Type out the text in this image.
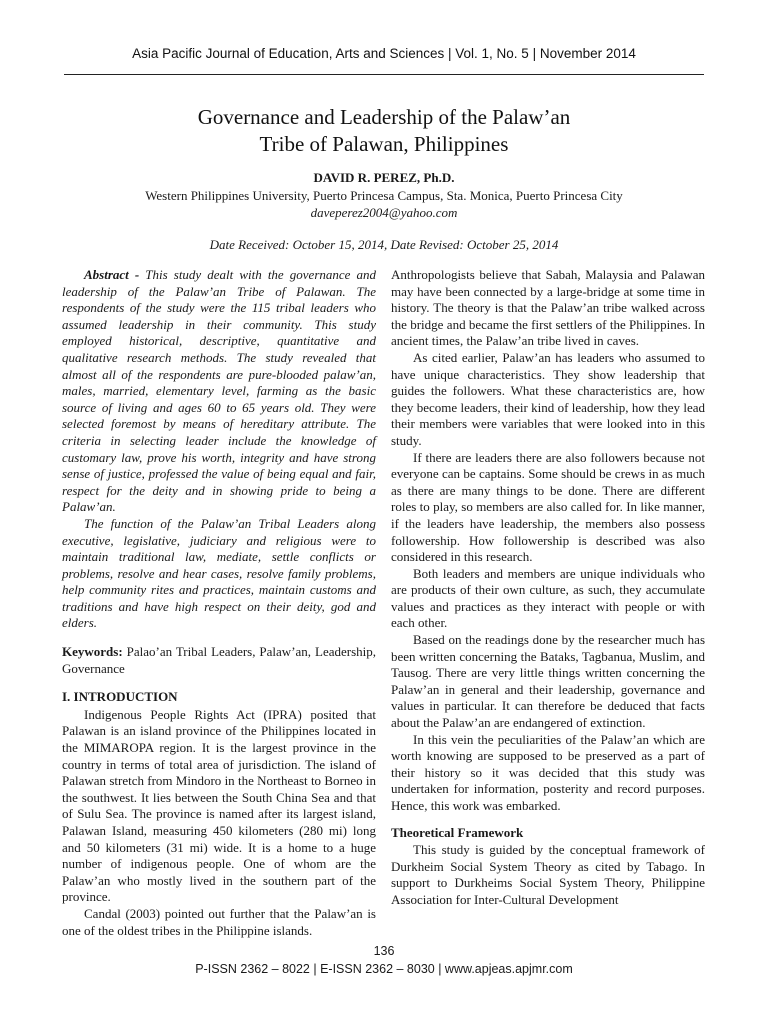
Asia Pacific Journal of Education, Arts and Sciences | Vol. 1, No. 5 | November 2014
Governance and Leadership of the Palaw’an
Tribe of Palawan, Philippines
DAVID R. PEREZ, Ph.D.
Western Philippines University, Puerto Princesa Campus, Sta. Monica, Puerto Princesa City
daveperez2004@yahoo.com
Date Received: October 15, 2014, Date Revised: October 25, 2014

Abstract - This study dealt with the governance and leadership of the Palaw’an Tribe of Palawan. The respondents of the study were the 115 tribal leaders who assumed leadership in their community. This study employed historical, descriptive, quantitative and qualitative research methods. The study revealed that almost all of the respondents are pure-blooded palaw’an, males, married, elementary level, farming as the basic source of living and ages 60 to 65 years old. They were selected foremost by means of hereditary attribute. The criteria in selecting leader include the knowledge of customary law, prove his worth, integrity and have strong sense of justice, professed the value of being equal and fair, respect for the deity and in showing pride to being a Palaw’an.

The function of the Palaw’an Tribal Leaders along executive, legislative, judiciary and religious were to maintain traditional law, mediate, settle conflicts or problems, resolve and hear cases, resolve family problems, help community rites and practices, maintain customs and traditions and have high respect on their deity, god and elders.

Keywords: Palao’an Tribal Leaders, Palaw’an, Leadership, Governance

I. INTRODUCTION

Indigenous People Rights Act (IPRA) posited that Palawan is an island province of the Philippines located in the MIMAROPA region. It is the largest province in the country in terms of total area of jurisdiction. The island of Palawan stretch from Mindoro in the Northeast to Borneo in the southwest. It lies between the South China Sea and that of Sulu Sea. The province is named after its largest island, Palawan Island, measuring 450 kilometers (280 mi) long and 50 kilometers (31 mi) wide. It is a home to a huge number of indigenous people. One of whom are the Palaw’an who mostly lived in the southern part of the province.

Candal (2003) pointed out further that the Palaw’an is one of the oldest tribes in the Philippine islands.

Anthropologists believe that Sabah, Malaysia and Palawan may have been connected by a large-bridge at some time in history. The theory is that the Palaw’an tribe walked across the bridge and became the first settlers of the Philippines. In ancient times, the Palaw’an tribe lived in caves.

As cited earlier, Palaw’an has leaders who assumed to have unique characteristics. They show leadership that guides the followers. What these characteristics are, how they become leaders, their kind of leadership, how they lead their members were variables that were looked into in this study.

If there are leaders there are also followers because not everyone can be captains. Some should be crews in as much as there are many things to be done. There are different roles to play, so members are also called for. In like manner, if the leaders have leadership, the members also possess followership. How followership is described was also considered in this research.

Both leaders and members are unique individuals who are products of their own culture, as such, they accumulate values and practices as they interact with people or with each other.

Based on the readings done by the researcher much has been written concerning the Bataks, Tagbanua, Muslim, and Tausog. There are very little things written concerning the Palaw’an in general and their leadership, governance and values in particular. It can therefore be deduced that facts about the Palaw’an are endangered of extinction.

In this vein the peculiarities of the Palaw’an which are worth knowing are supposed to be preserved as a part of their history so it was decided that this study was undertaken for information, posterity and record purposes. Hence, this work was embarked.

Theoretical Framework

This study is guided by the conceptual framework of Durkheim Social System Theory as cited by Tabago. In support to Durkheims Social System Theory, Philippine Association for Inter-Cultural Development

136
P-ISSN 2362 – 8022 | E-ISSN 2362 – 8030 | www.apjeas.apjmr.com
